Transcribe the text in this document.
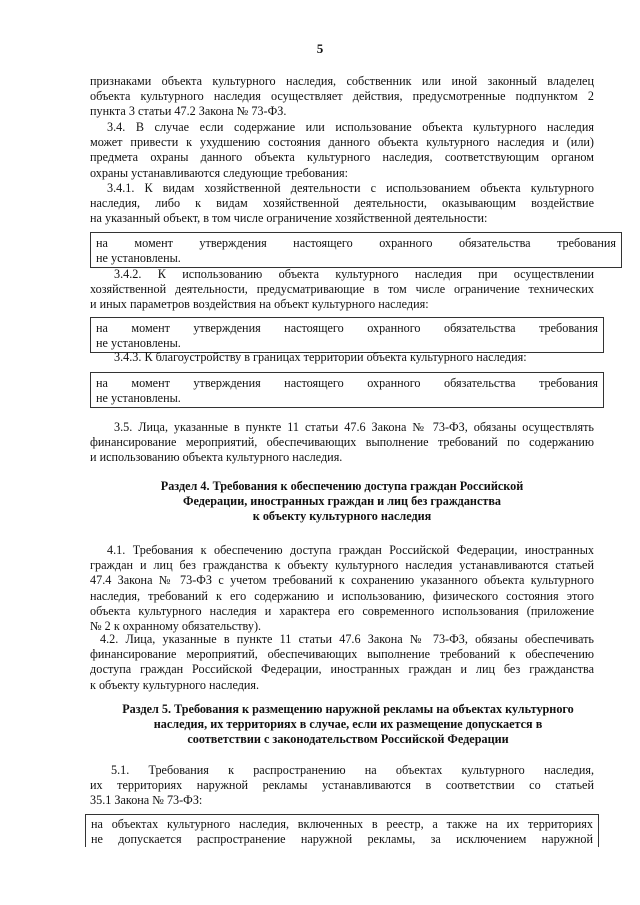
5
признаками объекта культурного наследия, собственник или иной законный владелец
объекта культурного наследия осуществляет действия, предусмотренные подпунктом 2
пункта 3 статьи 47.2 Закона № 73-ФЗ.
3.4. В случае если содержание или использование объекта культурного наследия
может привести к ухудшению состояния данного объекта культурного наследия и (или)
предмета охраны данного объекта культурного наследия, соответствующим органом
охраны устанавливаются следующие требования:
3.4.1. К видам хозяйственной деятельности с использованием объекта культурного
наследия, либо к видам хозяйственной деятельности, оказывающим воздействие
на указанный объект, в том числе ограничение хозяйственной деятельности:
на момент утверждения настоящего охранного обязательства требования
не установлены.
3.4.2. К использованию объекта культурного наследия при осуществлении
хозяйственной деятельности, предусматривающие в том числе ограничение технических
и иных параметров воздействия на объект культурного наследия:
на момент утверждения настоящего охранного обязательства требования
не установлены.
3.4.3. К благоустройству в границах территории объекта культурного наследия:
на момент утверждения настоящего охранного обязательства требования
не установлены.
3.5. Лица, указанные в пункте 11 статьи 47.6 Закона № 73-ФЗ, обязаны осуществлять
финансирование мероприятий, обеспечивающих выполнение требований по содержанию
и использованию объекта культурного наследия.
Раздел 4. Требования к обеспечению доступа граждан Российской
Федерации, иностранных граждан и лиц без гражданства
к объекту культурного наследия
4.1. Требования к обеспечению доступа граждан Российской Федерации, иностранных
граждан и лиц без гражданства к объекту культурного наследия устанавливаются статьей
47.4 Закона № 73-ФЗ с учетом требований к сохранению указанного объекта культурного
наследия, требований к его содержанию и использованию, физического состояния этого
объекта культурного наследия и характера его современного использования (приложение
№ 2 к охранному обязательству).
4.2. Лица, указанные в пункте 11 статьи 47.6 Закона № 73-ФЗ, обязаны обеспечивать
финансирование мероприятий, обеспечивающих выполнение требований к обеспечению
доступа граждан Российской Федерации, иностранных граждан и лиц без гражданства
к объекту культурного наследия.
Раздел 5. Требования к размещению наружной рекламы на объектах культурного
наследия, их территориях в случае, если их размещение допускается в
соответствии с законодательством Российской Федерации
5.1. Требования к распространению на объектах культурного наследия,
их территориях наружной рекламы устанавливаются в соответствии со статьей
35.1 Закона № 73-ФЗ:
на объектах культурного наследия, включенных в реестр, а также на их территориях
не допускается распространение наружной рекламы, за исключением наружной
